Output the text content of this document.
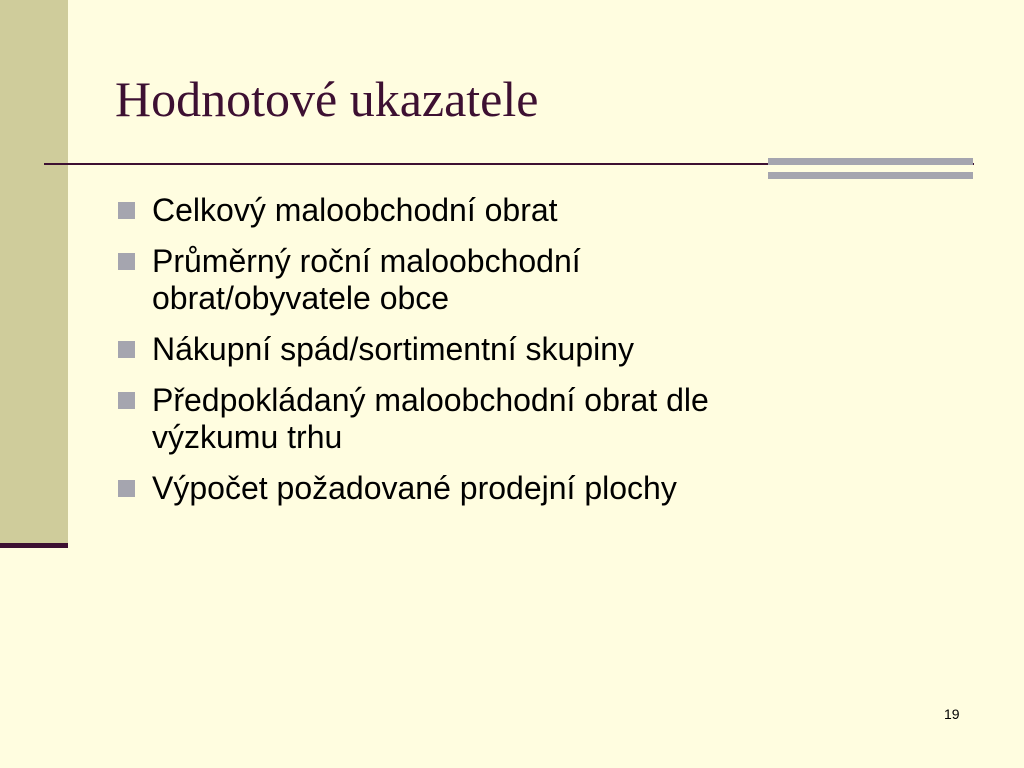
Hodnotové ukazatele
Celkový maloobchodní obrat
Průměrný roční maloobchodní
obrat/obyvatele obce
Nákupní spád/sortimentní skupiny
Předpokládaný maloobchodní obrat dle
výzkumu trhu
Výpočet požadované prodejní plochy
19
